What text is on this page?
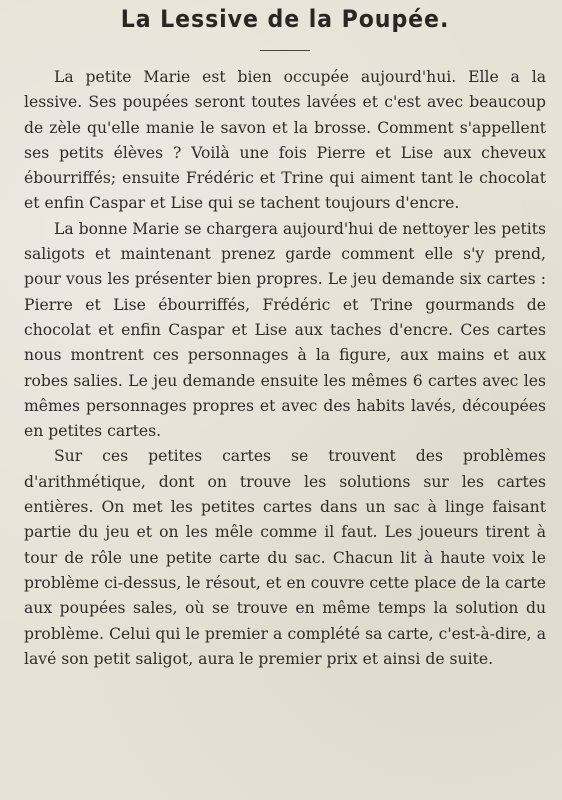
La Lessive de la Poupée.

La petite Marie est bien occupée aujourd'hui. Elle a la lessive. Ses poupées seront toutes lavées et c'est avec beaucoup de zèle qu'elle manie le savon et la brosse. Comment s'appellent ses petits élèves ? Voilà une fois Pierre et Lise aux cheveux ébourriffés; ensuite Frédéric et Trine qui aiment tant le chocolat et enfin Caspar et Lise qui se tachent toujours d'encre.

La bonne Marie se chargera aujourd'hui de nettoyer les petits saligots et maintenant prenez garde comment elle s'y prend, pour vous les présenter bien propres. Le jeu demande six cartes : Pierre et Lise ébourriffés, Frédéric et Trine gourmands de chocolat et enfin Caspar et Lise aux taches d'encre. Ces cartes nous montrent ces personnages à la figure, aux mains et aux robes salies. Le jeu demande ensuite les mêmes 6 cartes avec les mêmes personnages propres et avec des habits lavés, découpées en petites cartes.

Sur ces petites cartes se trouvent des problèmes d'arithmétique, dont on trouve les solutions sur les cartes entières. On met les petites cartes dans un sac à linge faisant partie du jeu et on les mêle comme il faut. Les joueurs tirent à tour de rôle une petite carte du sac. Chacun lit à haute voix le problème ci-dessus, le résout, et en couvre cette place de la carte aux poupées sales, où se trouve en même temps la solution du problème. Celui qui le premier a complété sa carte, c'est-à-dire, a lavé son petit saligot, aura le premier prix et ainsi de suite.
